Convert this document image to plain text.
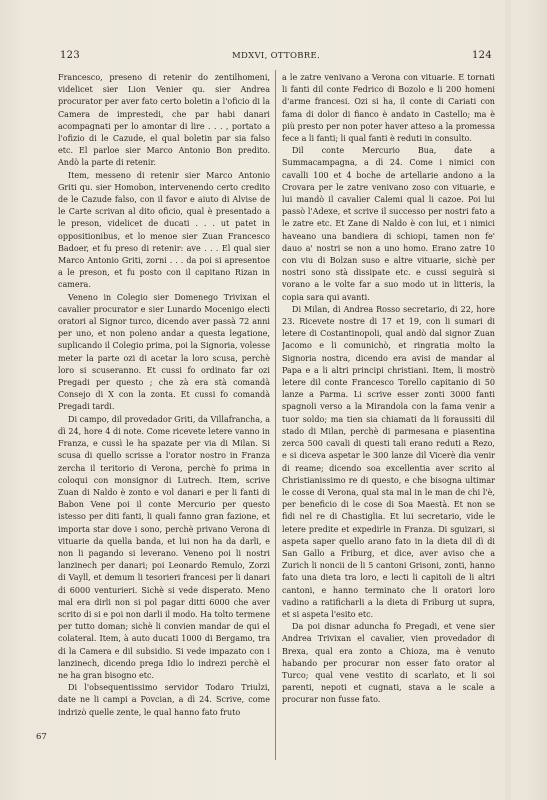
123	MDXVI, OTTOBRE.	124

Francesco, preseno di retenir do zentilhomeni, videlicet sier Lion Venier qu. sier Andrea procurator per aver fato certo boletin a l'oficio di la Camera de imprestedi, che par habi danari acompagnati per lo amontar di lire . . . , portato a l'ofizio di le Cazude, el qual boletin par sia falso etc. El parloe sier Marco Antonio Bon predito. Andò la parte di retenir.

Item, messeno di retenir sier Marco Antonio Griti qu. sier Homobon, intervenendo certo credito de le Cazude falso, con il favor e aiuto di Alvise de le Carte scrivan al dito oficio, qual è presentado a le preson, videlicet de ducati . . . ut patet in oppositionibus, et lo menoe sier Zuan Francesco Badoer, et fu preso di retenir: ave . . . El qual sier Marco Antonio Griti, zorni . . . da poi si apresentoe a le preson, et fu posto con il capitano Rizan in camera.

Veneno in Colegio sier Domenego Trivixan el cavalier procurator e sier Lunardo Mocenigo electi oratori al Signor turco, dicendo aver passà 72 anni per uno, et non poleno andar a questa legatione, suplicando il Colegio prima, poi la Signoria, volesse meter la parte ozi di acetar la loro scusa, perchè loro si scuseranno. Et cussi fo ordinato far ozi Pregadi per questo ; che zà era stà comandà Consejo di X con la zonta. Et cussi fo comandà Pregadi tardi.

Di campo, dil provedador Griti, da Villafrancha, a dì 24, hore 4 di note. Come ricevete letere vanno in Franza, e cussì le ha spazate per via di Milan. Si scusa di quello scrisse a l'orator nostro in Franza zercha il teritorio di Verona, perchè fo prima in coloqui con monsignor di Lutrech. Item, scrive Zuan di Naldo è zonto e vol danari e per li fanti di Babon Vene poi il conte Mercurio per questo istesso per diti fanti, li quali fanno gran fazione, et importa star dove i sono, perchè privano Verona di vituarie da quella banda, et lui non ha da darli, e non li pagando si leverano. Veneno poi li nostri lanzinech per danari; poi Leonardo Remulo, Zorzi di Vayll, et demum li tesorieri francesi per li danari di 6000 venturieri. Sichè si vede disperato. Meno mal era dirli non si pol pagar ditti 6000 che aver scrito di si e poi non darli il modo. Ha tolto termene per tutto doman; sichè li convien mandar de qui el colateral. Item, à auto ducati 1000 di Bergamo, tra di la Camera e dil subsidio. Si vede impazato con i lanzinech, dicendo prega Idio lo indrezi perchè el ne ha gran bisogno etc.

Di l'obsequentissimo servidor Todaro Triulzi, date ne li campi a Povcian, a dì 24. Scrive, come indrizò quelle zente, le qual hanno fato fruto

a le zatre venivano a Verona con vituarie. E tornati li fanti dil conte Fedrico di Bozolo e li 200 homeni d'arme francesi. Ozi si ha, il conte di Cariati con fama di dolor di fianco è andato in Castello; ma è più presto per non poter haver atteso a la promessa fece a li fanti; li qual fanti è reduti in consulto.

Dil conte Mercurio Bua, date a Summacampagna, a dì 24. Come i nimici con cavalli 100 et 4 boche de artellarie andono a la Crovara per le zatre venivano zoso con vituarie, e lui mandò il cavalier Calemi qual li cazoe. Poi lui passò l'Adexe, et scrive il successo per nostri fato a le zatre etc. Et Zane di Naldo è con lui, et i nimici haveano una bandiera di schiopi, tamen non fe' dauo a' nostri se non a uno homo. Erano zatre 10 con viu di Bolzan suso e altre vituarie, sichè per nostri sono stà dissipate etc. e cussi seguirà si vorano a le volte far a suo modo ut in litteris, la copia sara qui avanti.

Di Milan, di Andrea Rosso secretario, di 22, hore 23. Ricevete nostre di 17 et 19, con li sumari di letere di Costantinopoli, qual andò dal signor Zuan Jacomo e li comunichò, et ringratia molto la Signoria nostra, dicendo era avisi de mandar al Papa e a li altri principi christiani. Item, li mostrò letere dil conte Francesco Torello capitanio di 50 lanze a Parma. Li scrive esser zonti 3000 fanti spagnoli verso a la Mirandola con la fama venir a tuor soldo; ma tien sia chiamati da li foraussiti dil stado di Milan, perchè di parmesana e piasentina zerca 500 cavali di questi tali erano reduti a Rezo, e si diceva aspetar le 300 lanze dil Vicerè dia venir di reame; dicendo soa excellentia aver scrito al Christianissimo re di questo, e che bisogna ultimar le cosse di Verona, qual sta mal in le man de chi l'è, per beneficio di le cose di Soa Maestà. Et non se fidi nel re di Chastiglia. Et lui secretario, vide le letere predite et expedirle in Franza. Di sguizari, si aspeta saper quello arano fato in la dieta dil dì di San Gallo a Friburg, et dice, aver aviso che a Zurich li noncii de li 5 cantoni Grisoni, zonti, hanno fato una dieta tra loro, e lecti li capitoli de li altri cantoni, e hanno terminato che li oratori loro vadino a ratificharli a la dieta di Friburg ut supra, et si aspeta l'esito etc.

Da poi disnar aduncha fo Pregadi, et vene sier Andrea Trivixan el cavalier, vien provedador di Brexa, qual era zonto a Chioza, ma è venuto habando per procurar non esser fato orator al Turco; qual vene vestito di scarlato, et li soi parenti, nepoti et cugnati, stava a le scale a procurar non fusse fato.

67
